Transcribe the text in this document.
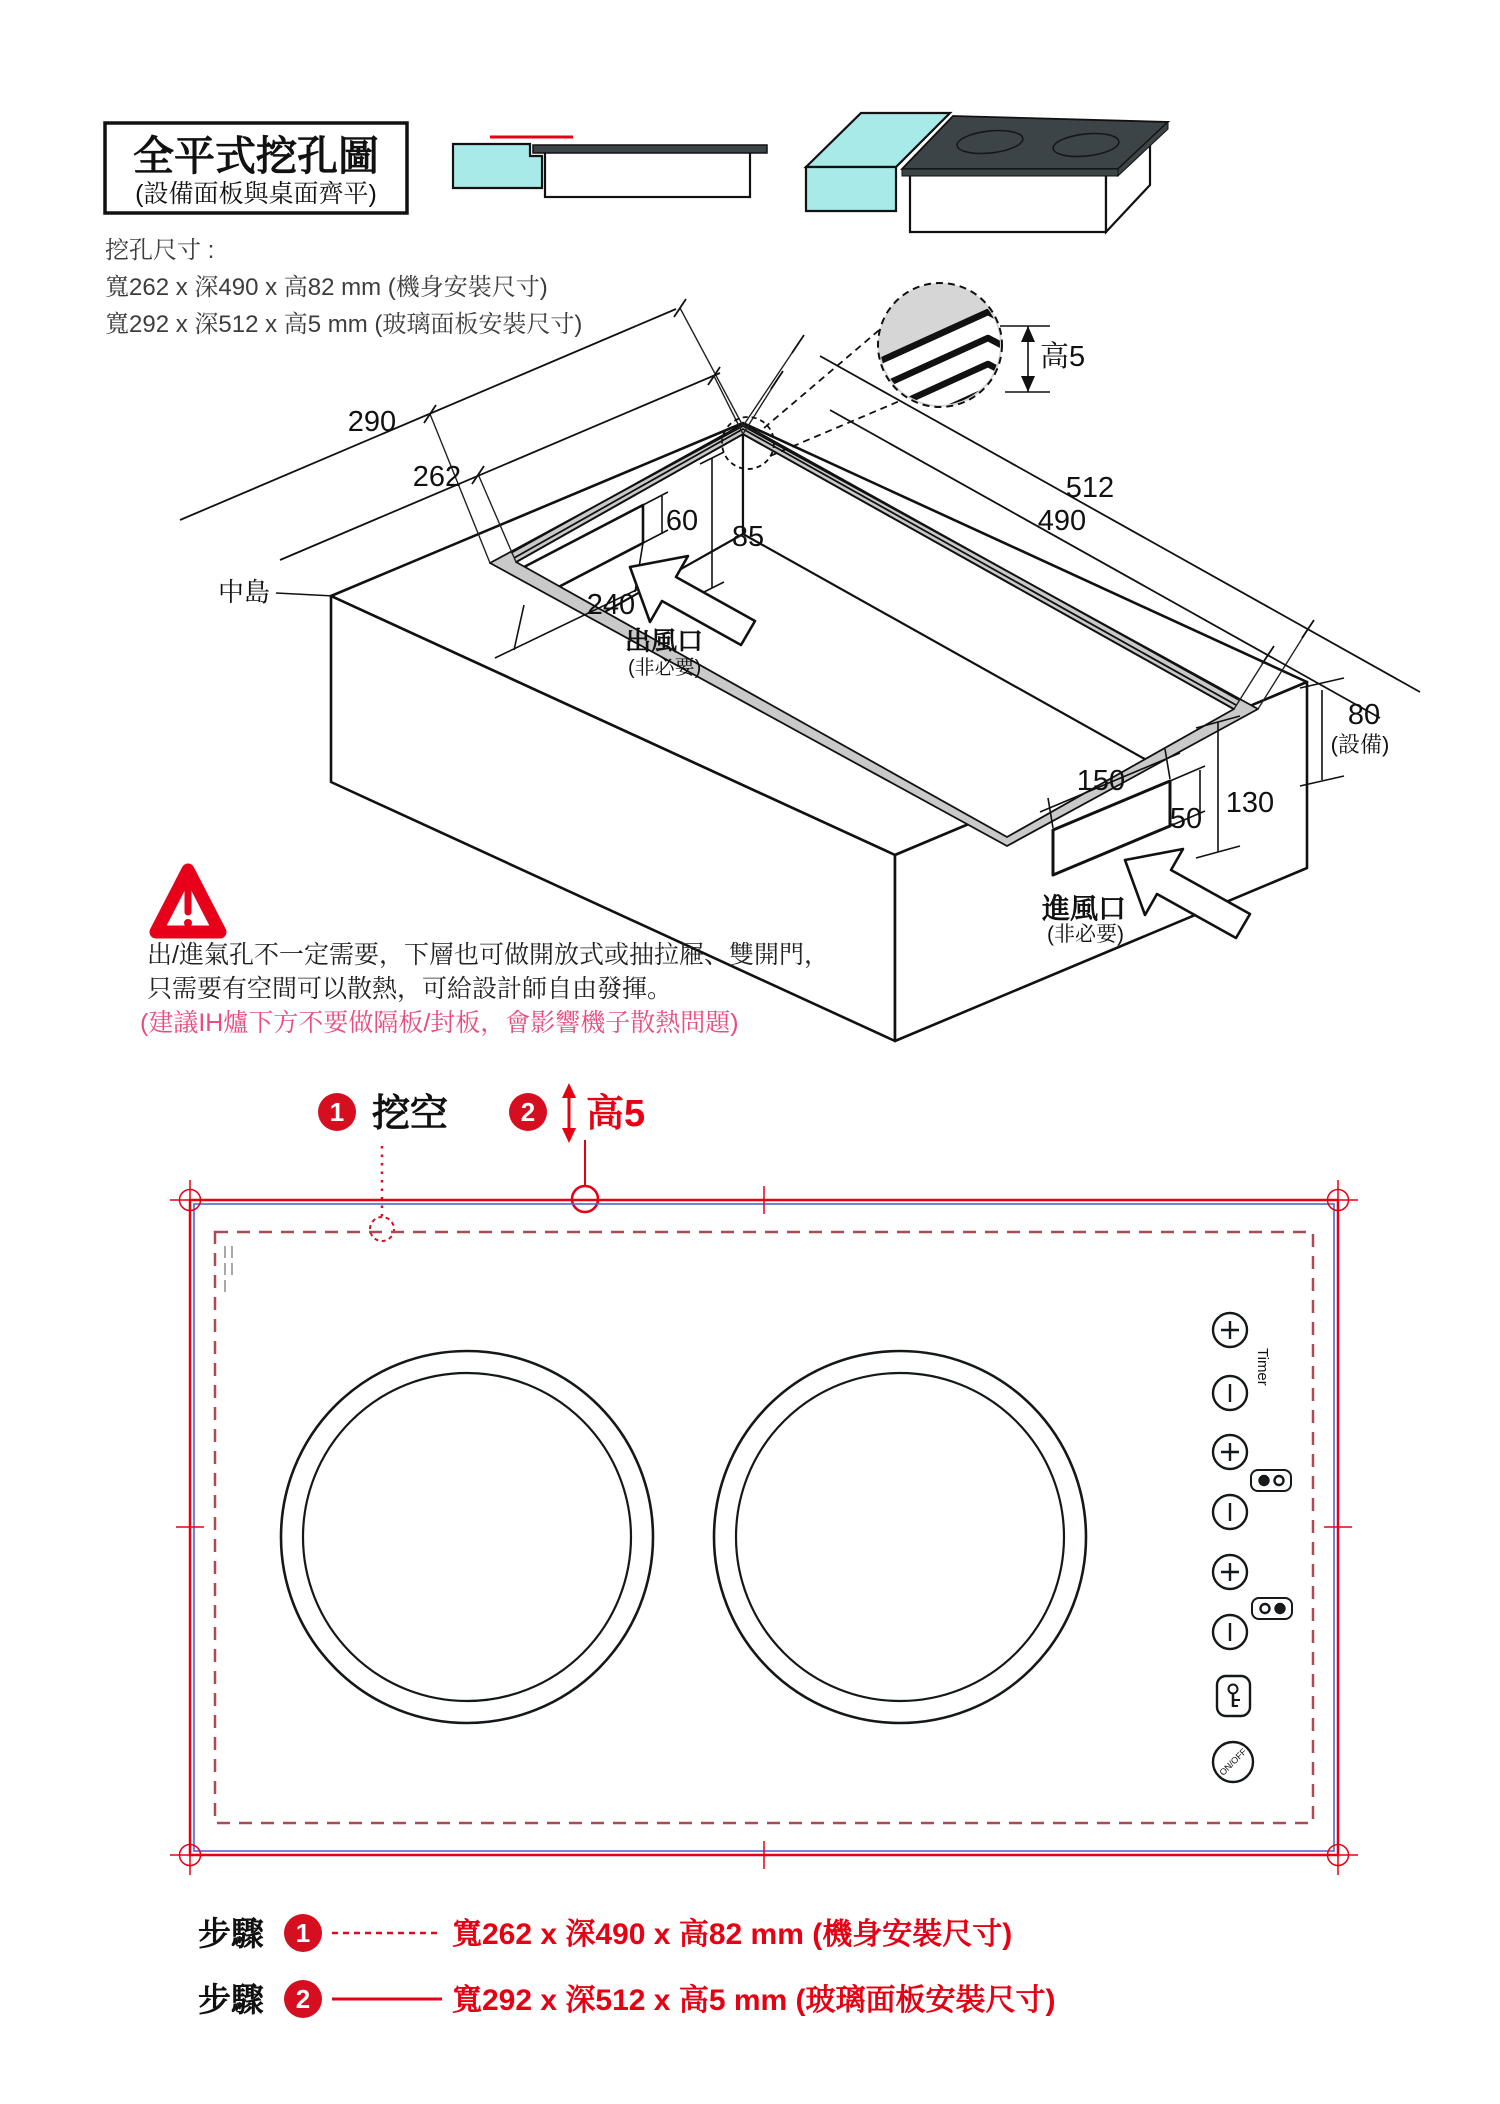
全平式挖孔圖
(設備面板與桌面齊平)
挖孔尺寸 :
寬262 x 深490 x 高82 mm (機身安裝尺寸)
寬292 x 深512 x 高5 mm (玻璃面板安裝尺寸)
中島
290
262	512
490
60 85
240
出風口
(非必要)
150
50 130
80
(設備)
進風口
(非必要)
高5
出/進氣孔不一定需要，下層也可做開放式或抽拉屜、雙開門，
只需要有空間可以散熱，可給設計師自由發揮。
(建議IH爐下方不要做隔板/封板，會影響機子散熱問題)
1 挖空	2 高5
Timer
ON/OFF
步驟 1	寬262 x 深490 x 高82 mm (機身安裝尺寸)
步驟 2	寬292 x 深512 x 高5 mm (玻璃面板安裝尺寸)
